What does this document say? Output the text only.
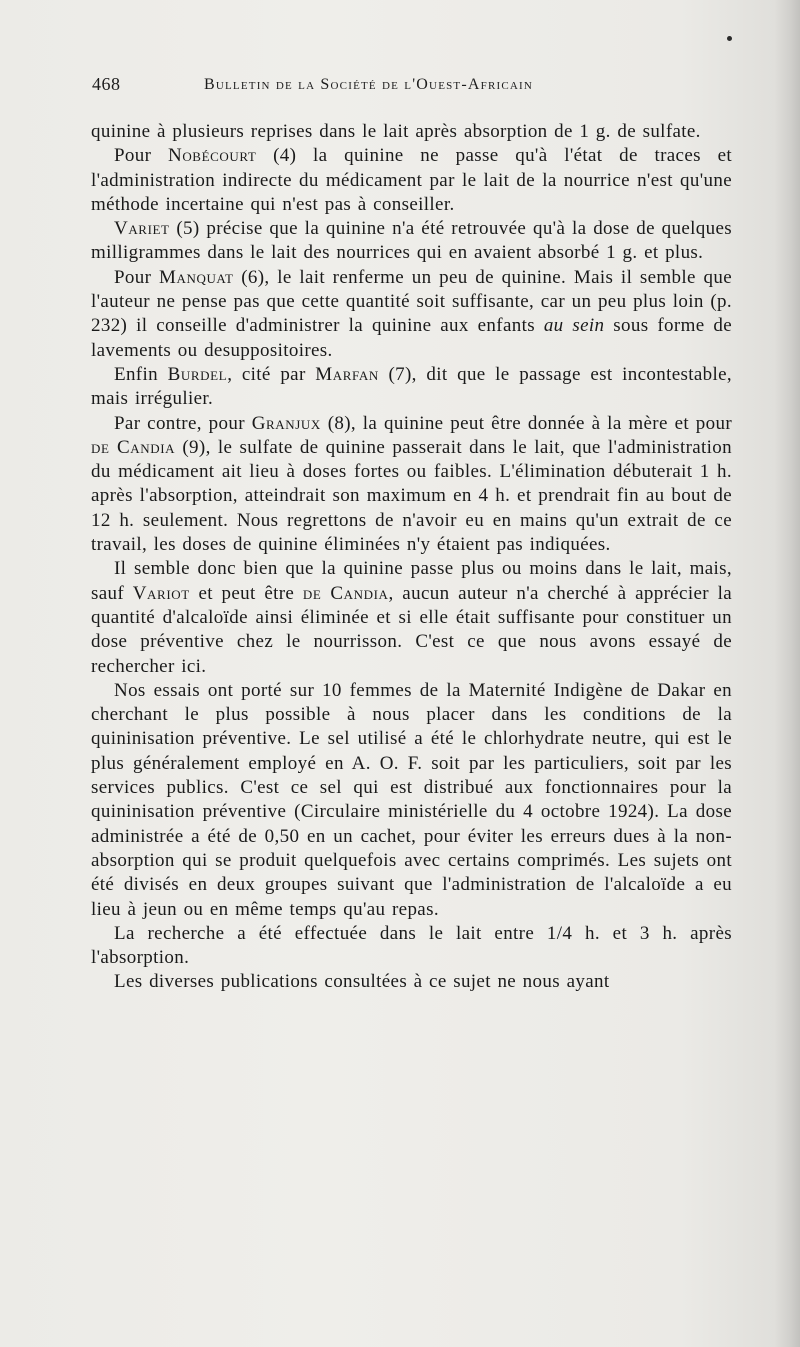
468	Bulletin de la Société de l'Ouest-Africain

quinine à plusieurs reprises dans le lait après absorption de 1 g. de sulfate.

Pour Nobécourt (4) la quinine ne passe qu'à l'état de traces et l'administration indirecte du médicament par le lait de la nourrice n'est qu'une méthode incertaine qui n'est pas à conseiller.

Variet (5) précise que la quinine n'a été retrouvée qu'à la dose de quelques milligrammes dans le lait des nourrices qui en avaient absorbé 1 g. et plus.

Pour Manquat (6), le lait renferme un peu de quinine. Mais il semble que l'auteur ne pense pas que cette quantité soit suffisante, car un peu plus loin (p. 232) il conseille d'administrer la quinine aux enfants au sein sous forme de lavements ou desuppositoires.

Enfin Burdel, cité par Marfan (7), dit que le passage est incontestable, mais irrégulier.

Par contre, pour Granjux (8), la quinine peut être donnée à la mère et pour de Candia (9), le sulfate de quinine passerait dans le lait, que l'administration du médicament ait lieu à doses fortes ou faibles. L'élimination débuterait 1 h. après l'absorption, atteindrait son maximum en 4 h. et prendrait fin au bout de 12 h. seulement. Nous regrettons de n'avoir eu en mains qu'un extrait de ce travail, les doses de quinine éliminées n'y étaient pas indiquées.

Il semble donc bien que la quinine passe plus ou moins dans le lait, mais, sauf Variot et peut être de Candia, aucun auteur n'a cherché à apprécier la quantité d'alcaloïde ainsi éliminée et si elle était suffisante pour constituer un dose préventive chez le nourrisson. C'est ce que nous avons essayé de rechercher ici.

Nos essais ont porté sur 10 femmes de la Maternité Indigène de Dakar en cherchant le plus possible à nous placer dans les conditions de la quininisation préventive. Le sel utilisé a été le chlorhydrate neutre, qui est le plus généralement employé en A. O. F. soit par les particuliers, soit par les services publics. C'est ce sel qui est distribué aux fonctionnaires pour la quininisation préventive (Circulaire ministérielle du 4 octobre 1924). La dose administrée a été de 0,50 en un cachet, pour éviter les erreurs dues à la non-absorption qui se produit quelquefois avec certains comprimés. Les sujets ont été divisés en deux groupes suivant que l'administration de l'alcaloïde a eu lieu à jeun ou en même temps qu'au repas.

La recherche a été effectuée dans le lait entre 1/4 h. et 3 h. après l'absorption.

Les diverses publications consultées à ce sujet ne nous ayant
